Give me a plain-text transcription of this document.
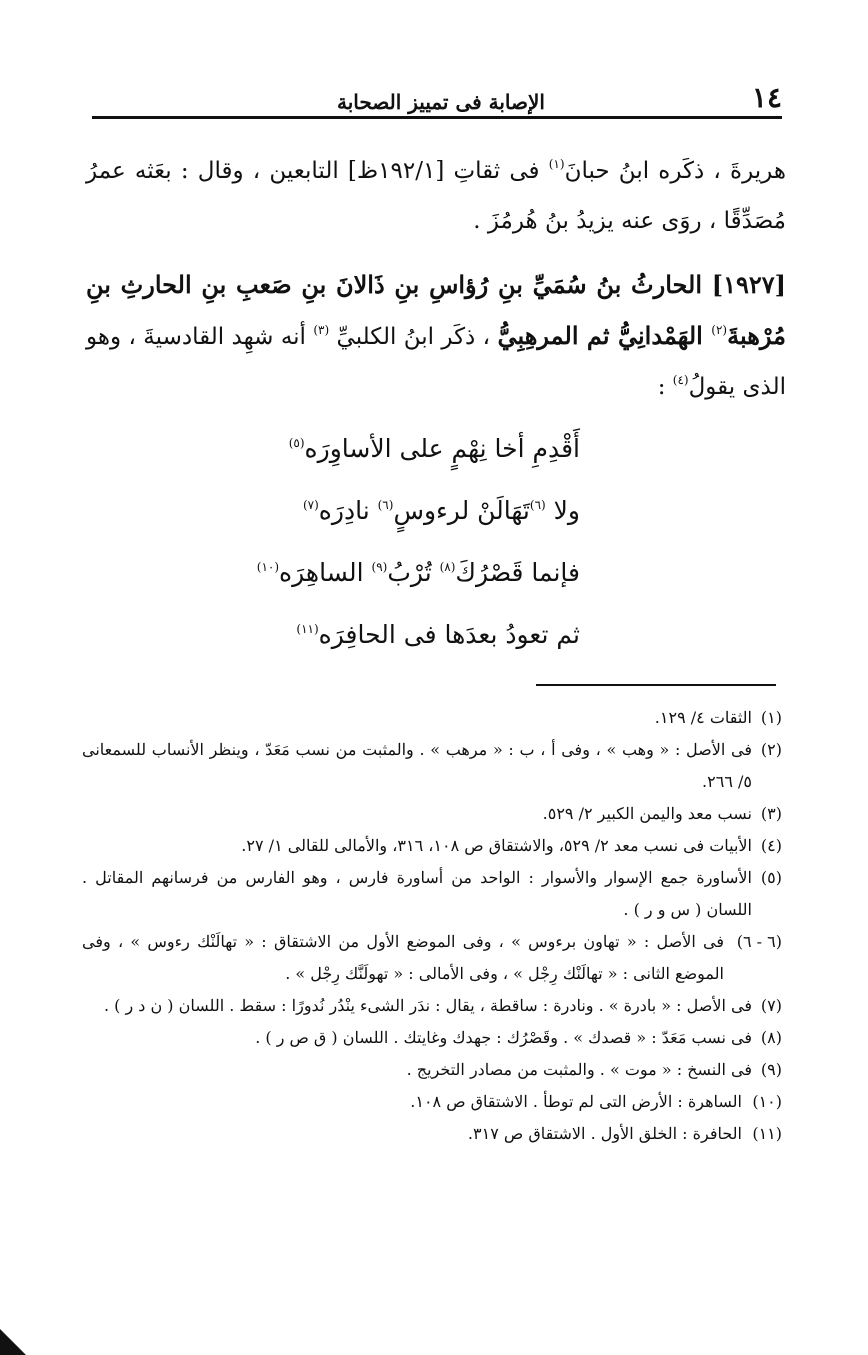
١٤
الإصابة فى تمييز الصحابة

هريرةَ ، ذكَره ابنُ حبانَ$^{(١)}$ فى ثقاتِ [١٩٢/١ظ] التابعين ، وقال : بعَثه عمرُ مُصَدِّقًا ، روَى عنه يزيدُ بنُ هُرمُزَ .

[١٩٢٧] الحارثُ بنُ سُمَيِّ بنِ رُؤاسِ بنِ ذَالانَ بنِ صَعبِ بنِ الحارثِ بنِ مُرْهبةَ$^{(٢)}$ الهَمْدانِيُّ ثم المرهِبِيُّ ، ذكَر ابنُ الكلبيِّ $^{(٣)}$ أنه شهِد القادسيةَ ، وهو الذى يقولُ$^{(٤)}$ :

أَقْدِمِ أخا نِهْمٍ على الأساوِرَه$^{(٥)}$
ولا $^{(٦)}$تَهَالَنْ لرءوسٍ$^{(٦)}$ نادِرَه$^{(٧)}$
فإنما قَصْرُكَ$^{(٨)}$ تُرْبُ$^{(٩)}$ الساهِرَه$^{(١٠)}$
ثم تعودُ بعدَها فى الحافِرَه$^{(١١)}$
(١)
الثقات ٤/ ١٢٩.
(٢)
فى الأصل : « وهب » ، وفى أ ، ب : « مرهب » . والمثبت من نسب مَعَدّ ، وينظر الأنساب للسمعانى ٥/ ٢٦٦.
(٣)
نسب معد واليمن الكبير ٢/ ٥٢٩.
(٤)
الأبيات فى نسب معد ٢/ ٥٢٩، والاشتقاق ص ١٠٨، ٣١٦، والأمالى للقالى ١/ ٢٧.
(٥)
الأساورة جمع الإسوار والأسوار : الواحد من أساورة فارس ، وهو الفارس من فرسانهم المقاتل . اللسان ( س و ر ) .
(٦ - ٦)
فى الأصل : « تهاون برءوس » ، وفى الموضع الأول من الاشتقاق : « تهالَنْك رءوس » ، وفى الموضع الثانى : « تهالَنْك رِجْل » ، وفى الأمالى : « تهولَنَّك رِجْل » .
(٧)
فى الأصل : « بادرة » . ونادرة : ساقطة ، يقال : ندَر الشىء ينْدُر نُدورًا : سقط . اللسان ( ن د ر ) .
(٨)
فى نسب مَعَدّ : « قصدك » . وقَصْرُك : جهدك وغايتك . اللسان ( ق ص ر ) .
(٩)
فى النسخ : « موت » . والمثبت من مصادر التخريج .
(١٠)
الساهرة : الأرض التى لم توطأ . الاشتقاق ص ١٠٨.
(١١)
الحافرة : الخلق الأول . الاشتقاق ص ٣١٧.
